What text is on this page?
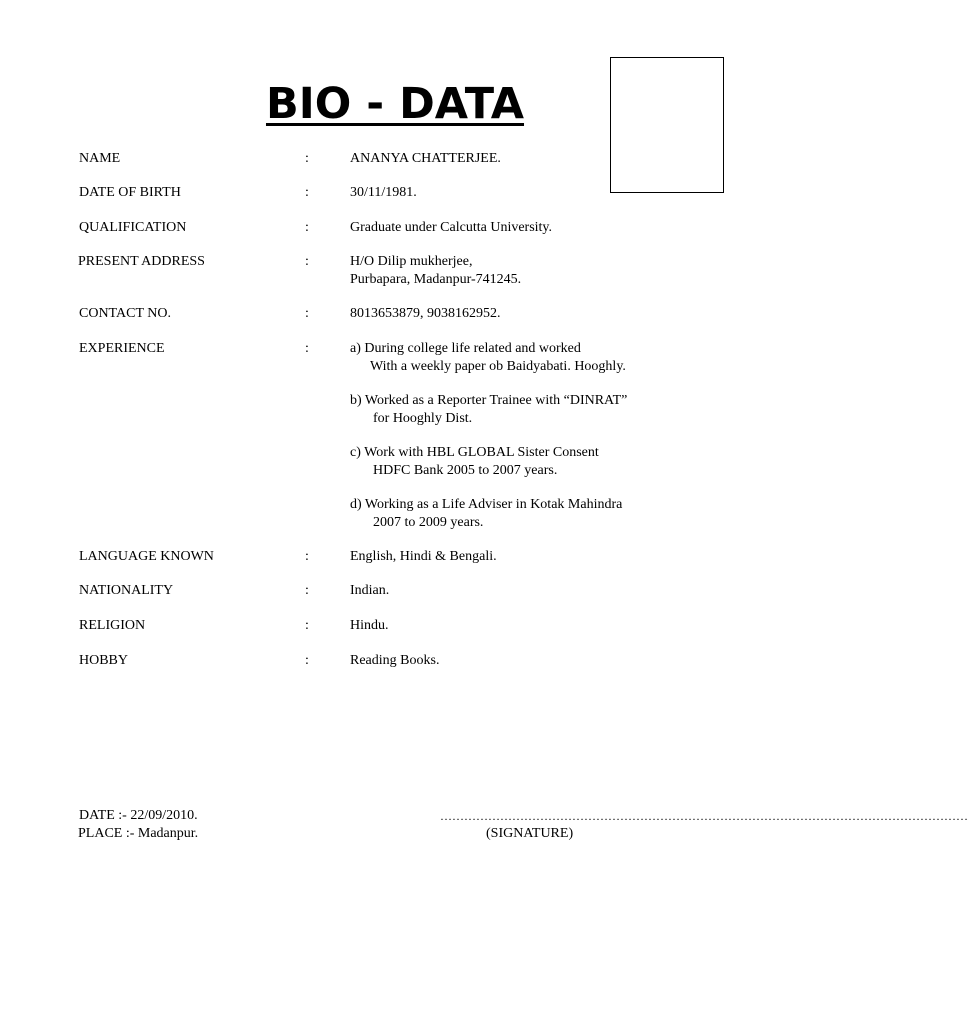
BIO - DATA
NAME	:	ANANYA CHATTERJEE.
DATE OF BIRTH	:	30/11/1981.
QUALIFICATION	:	Graduate under Calcutta University.
PRESENT ADDRESS	:	H/O Dilip mukherjee,
Purbapara, Madanpur-741245.
CONTACT NO.	:	8013653879, 9038162952.
EXPERIENCE	:	a) During college life related and worked
With a weekly paper ob Baidyabati. Hooghly.
b) Worked as a Reporter Trainee with “DINRAT”
for Hooghly Dist.
c) Work with HBL GLOBAL Sister Consent
HDFC Bank 2005 to 2007 years.
d) Working as a Life Adviser in Kotak Mahindra
2007 to 2009 years.
LANGUAGE KNOWN	:	English, Hindi & Bengali.
NATIONALITY	:	Indian.
RELIGION	:	Hindu.
HOBBY	:	Reading Books.
DATE :- 22/09/2010.
PLACE :- Madanpur.
……………………………………………………………………………………………………………………
(SIGNATURE)
